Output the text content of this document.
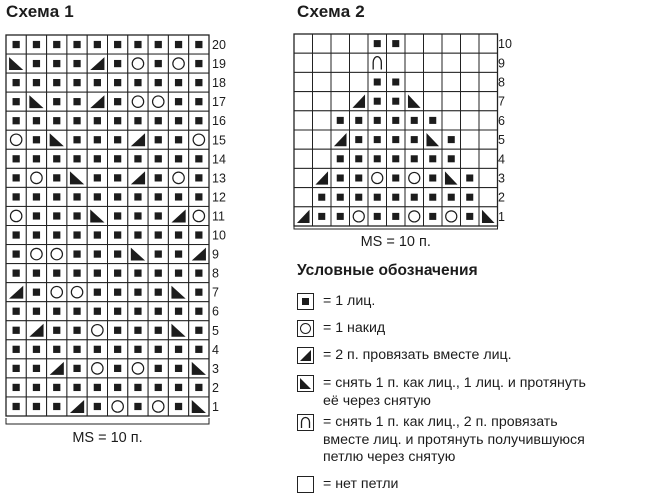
Схема 1	Схема 2
20
19
18
17
16
15
14
13
12
11
10
9
8
7
6
5
4
3
2
1
MS = 10 п.
10
9
8
7
6
5
4
3
2
1
MS = 10 п.
Условные обозначения
= 1 лиц.
= 1 накид
= 2 п. провязать вместе лиц.
= снять 1 п. как лиц., 1 лиц. и протянуть
её через снятую
= снять 1 п. как лиц., 2 п. провязать
вместе лиц. и протянуть получившуюся
петлю через снятую
= нет петли
